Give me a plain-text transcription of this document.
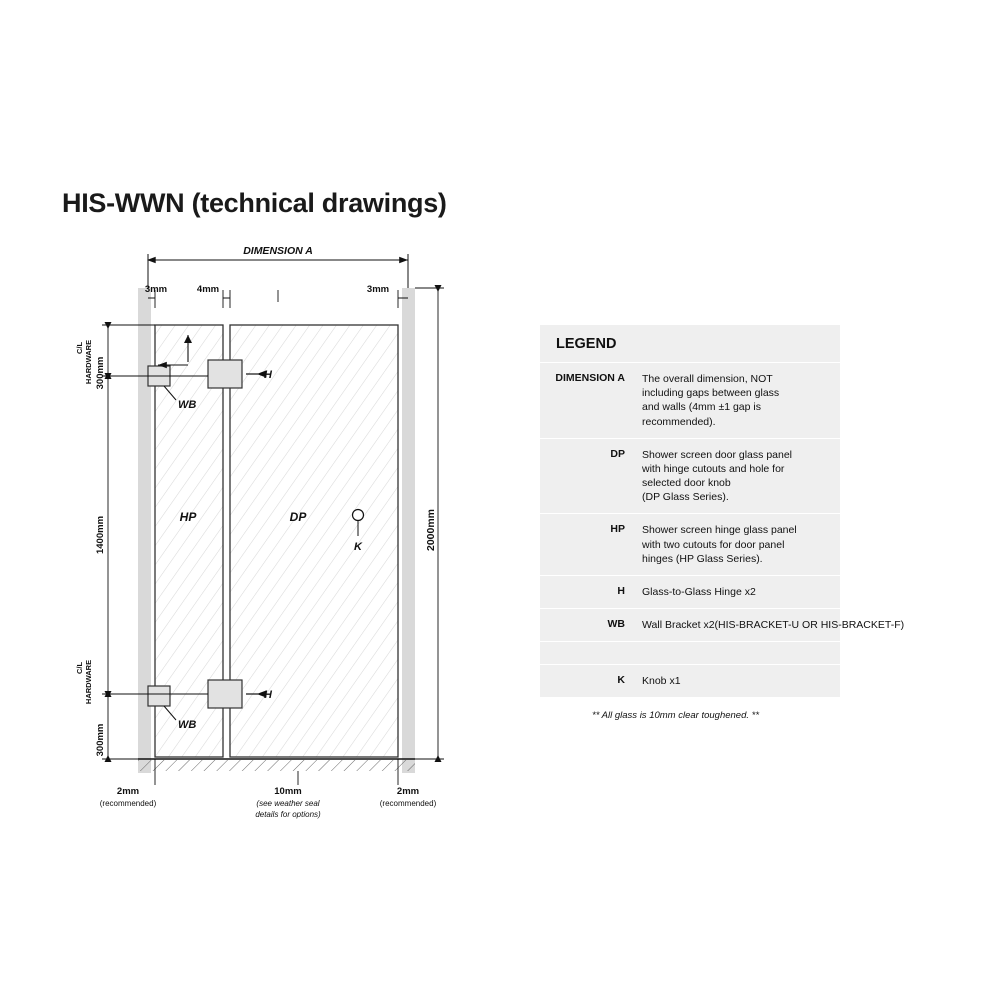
HIS-WWN (technical drawings)
DIMENSION A
3mm	4mm	3mm
H
H
WB
WB
K
HP	DP
300mm
1400mm
300mm
C/L HARDWARE
C/L HARDWARE
2000mm
2mm
(recommended)
10mm
(see weather seal
details for options)
2mm
(recommended)
LEGEND
DIMENSION A	The overall dimension, NOT
including gaps between glass
and walls (4mm ±1 gap is
recommended).
DP	Shower screen door glass panel
with hinge cutouts and hole for
selected door knob
(DP Glass Series).
HP	Shower screen hinge glass panel
with two cutouts for door panel
hinges (HP Glass Series).
H	Glass-to-Glass Hinge x2
WB	Wall Bracket x2(HIS-BRACKET-U OR HIS-BRACKET-F)
K	Knob x1
** All glass is 10mm clear toughened. **
